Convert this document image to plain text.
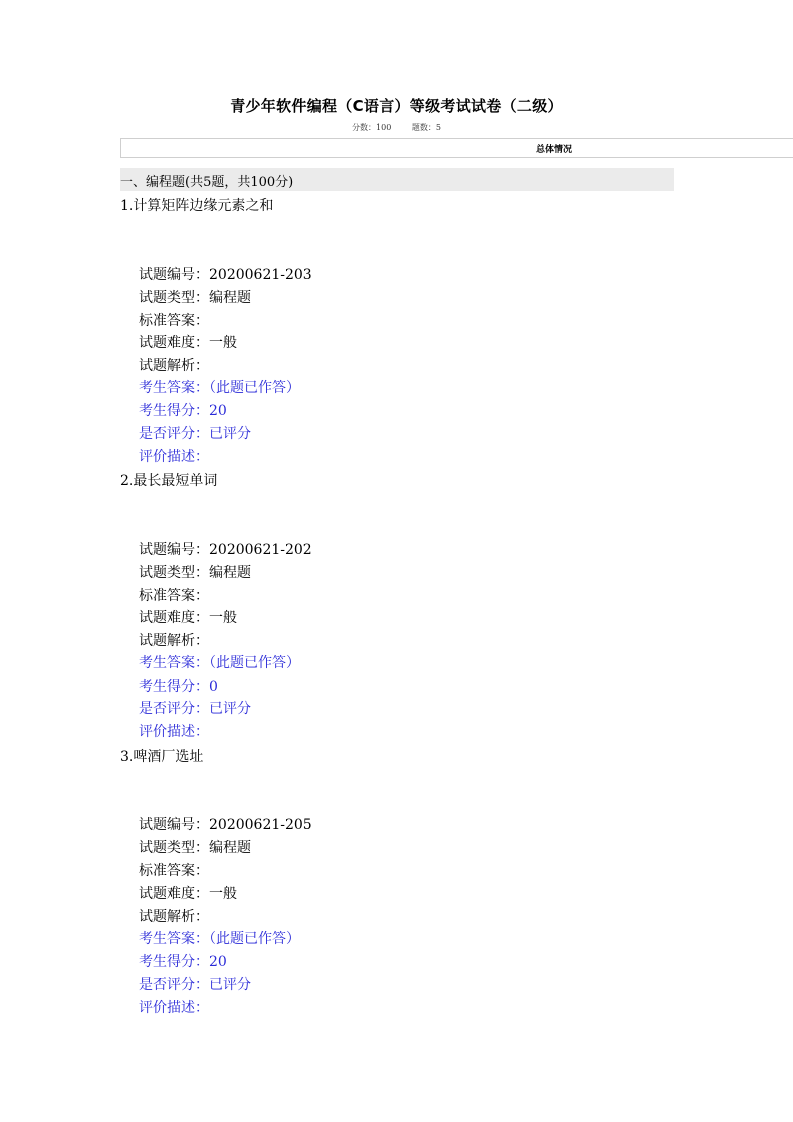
青少年软件编程（C语言）等级考试试卷（二级）
分数：100	题数：5
总体情况
一、编程题(共5题，共100分)
1.计算矩阵边缘元素之和
试题编号：20200621-203
试题类型：编程题
标准答案：
试题难度：一般
试题解析：
考生答案：（此题已作答）
考生得分：20
是否评分：已评分
评价描述：
2.最长最短单词
试题编号：20200621-202
试题类型：编程题
标准答案：
试题难度：一般
试题解析：
考生答案：（此题已作答）
考生得分：0
是否评分：已评分
评价描述：
3.啤酒厂选址
试题编号：20200621-205
试题类型：编程题
标准答案：
试题难度：一般
试题解析：
考生答案：（此题已作答）
考生得分：20
是否评分：已评分
评价描述：
